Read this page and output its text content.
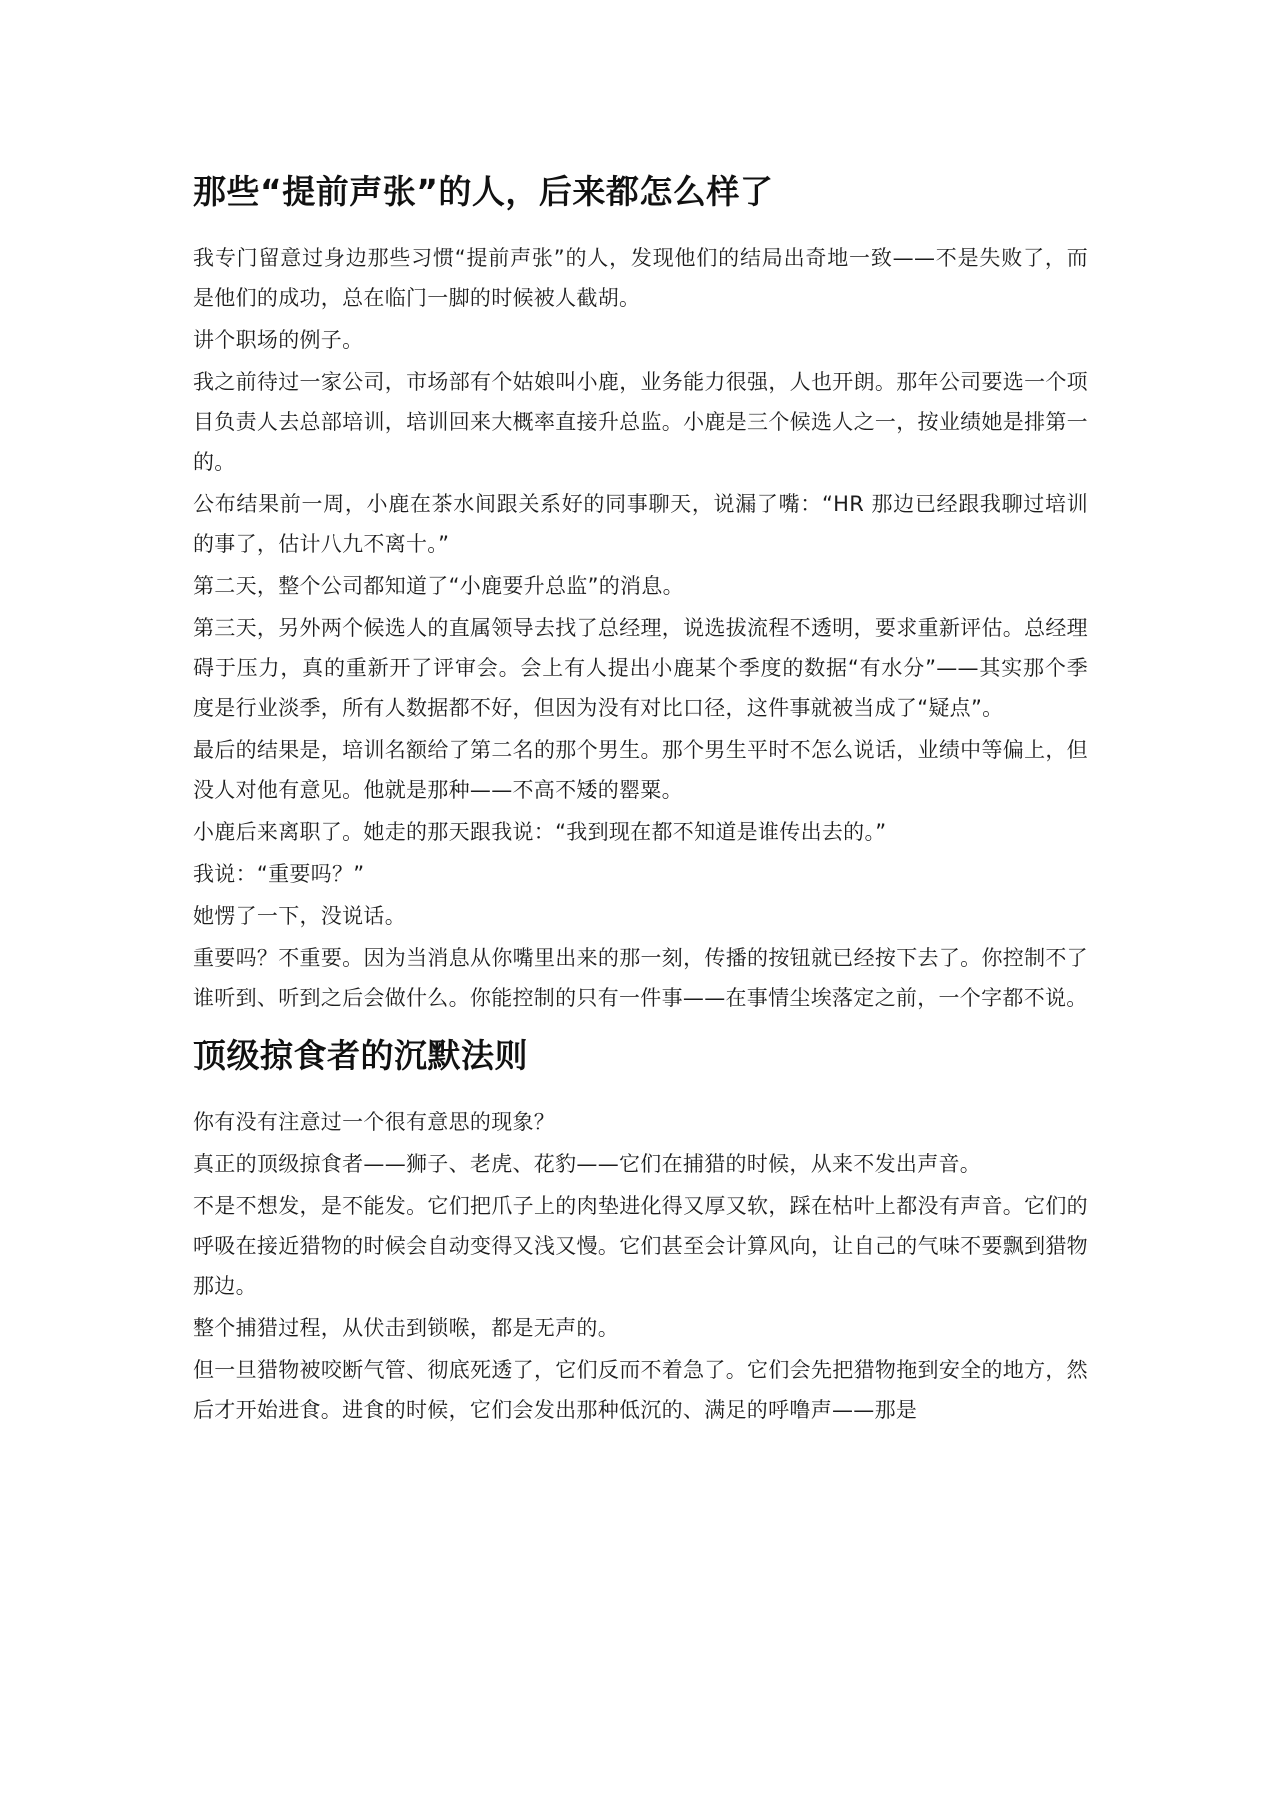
那些“提前声张”的人，后来都怎么样了

我专门留意过身边那些习惯“提前声张”的人，发现他们的结局出奇地一致——不是失败了，而是他们的成功，总在临门一脚的时候被人截胡。

讲个职场的例子。

我之前待过一家公司，市场部有个姑娘叫小鹿，业务能力很强，人也开朗。那年公司要选一个项目负责人去总部培训，培训回来大概率直接升总监。小鹿是三个候选人之一，按业绩她是排第一的。

公布结果前一周，小鹿在茶水间跟关系好的同事聊天，说漏了嘴：“HR 那边已经跟我聊过培训的事了，估计八九不离十。”

第二天，整个公司都知道了“小鹿要升总监”的消息。

第三天，另外两个候选人的直属领导去找了总经理，说选拔流程不透明，要求重新评估。总经理碍于压力，真的重新开了评审会。会上有人提出小鹿某个季度的数据“有水分”——其实那个季度是行业淡季，所有人数据都不好，但因为没有对比口径，这件事就被当成了“疑点”。

最后的结果是，培训名额给了第二名的那个男生。那个男生平时不怎么说话，业绩中等偏上，但没人对他有意见。他就是那种——不高不矮的罂粟。

小鹿后来离职了。她走的那天跟我说：“我到现在都不知道是谁传出去的。”

我说：“重要吗？”

她愣了一下，没说话。

重要吗？不重要。因为当消息从你嘴里出来的那一刻，传播的按钮就已经按下去了。你控制不了谁听到、听到之后会做什么。你能控制的只有一件事——在事情尘埃落定之前，一个字都不说。

顶级掠食者的沉默法则

你有没有注意过一个很有意思的现象？

真正的顶级掠食者——狮子、老虎、花豹——它们在捕猎的时候，从来不发出声音。

不是不想发，是不能发。它们把爪子上的肉垫进化得又厚又软，踩在枯叶上都没有声音。它们的呼吸在接近猎物的时候会自动变得又浅又慢。它们甚至会计算风向，让自己的气味不要飘到猎物那边。

整个捕猎过程，从伏击到锁喉，都是无声的。

但一旦猎物被咬断气管、彻底死透了，它们反而不着急了。它们会先把猎物拖到安全的地方，然后才开始进食。进食的时候，它们会发出那种低沉的、满足的呼噜声——那是
